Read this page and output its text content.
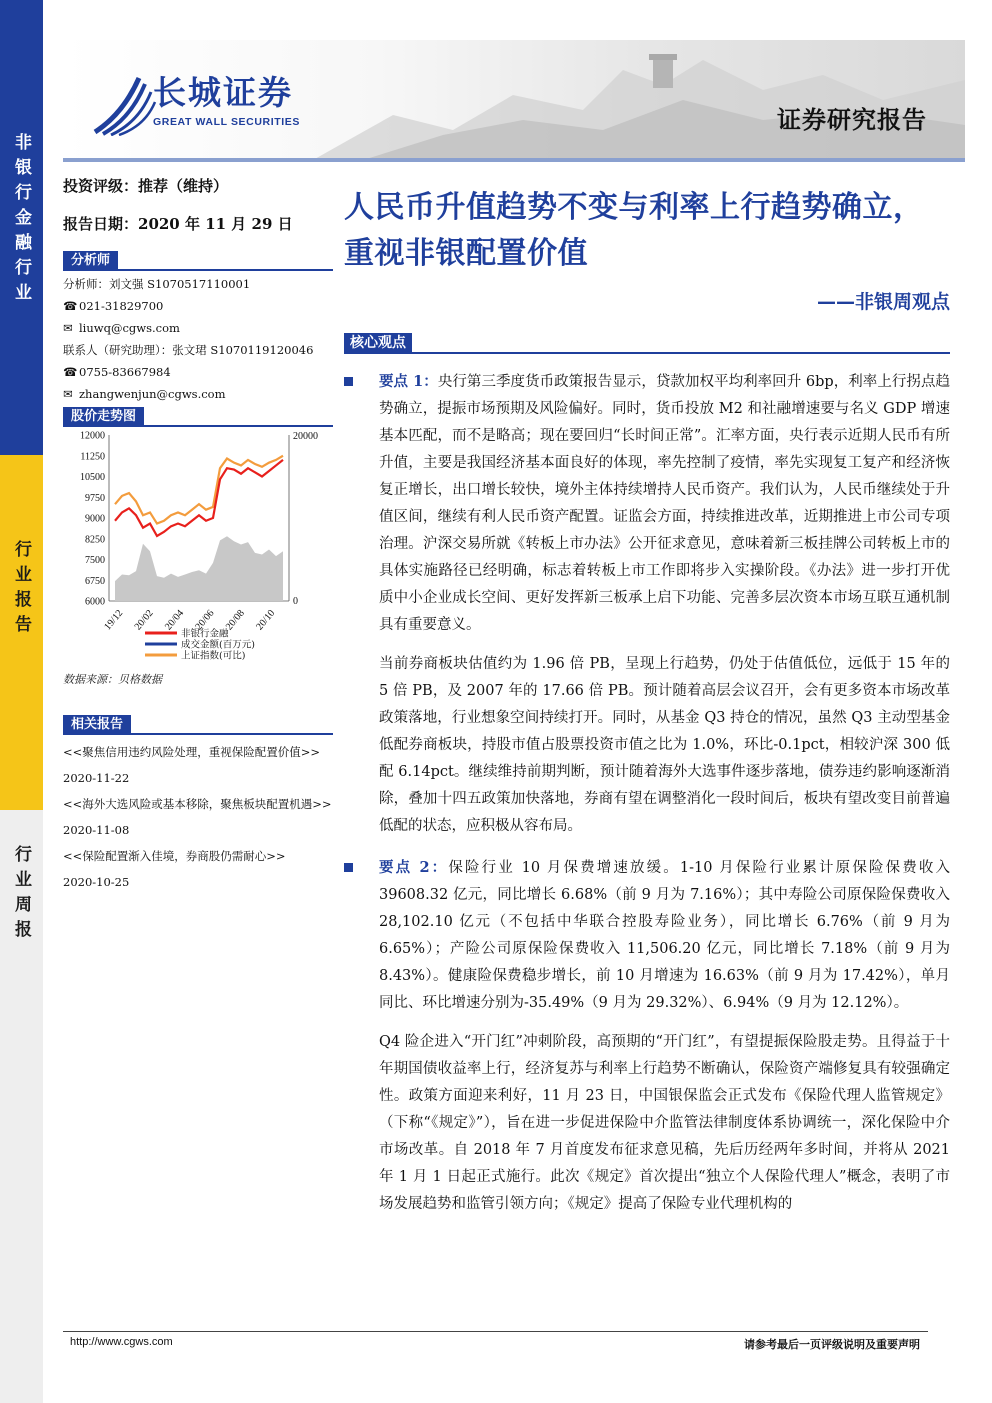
非银行金融行业
行业报告
行业周报
长城证券
GREAT WALL SECURITIES	证券研究报告
投资评级：推荐（维持）
报告日期：2020 年 11 月 29 日
分析师
分析师：刘文强 S1070517110001
☎ 021-31829700
✉ liuwq@cgws.com
联系人（研究助理）：张文珺 S1070119120046
☎ 0755-83667984
✉ zhangwenjun@cgws.com
股价走势图
12000
11250
10500
9750
9000
8250
7500
6750
6000
20000
0
19/12 20/02 20/04 20/06 20/08 20/10
非银行金融
成交金额(百万元)
上证指数(可比)
数据来源：贝格数据
相关报告
<<聚焦信用违约风险处理，重视保险配置价值>>
2020-11-22
<<海外大选风险或基本移除，聚焦板块配置机遇>>
2020-11-08
<<保险配置渐入佳境，券商股仍需耐心>>
2020-10-25
人民币升值趋势不变与利率上行趋势确立，重视非银配置价值
——非银周观点
核心观点
要点 1：央行第三季度货币政策报告显示，贷款加权平均利率回升 6bp，利率上行拐点趋势确立，提振市场预期及风险偏好。同时，货币投放 M2 和社融增速要与名义 GDP 增速基本匹配，而不是略高；现在要回归“长时间正常”。汇率方面，央行表示近期人民币有所升值，主要是我国经济基本面良好的体现，率先控制了疫情，率先实现复工复产和经济恢复正增长，出口增长较快，境外主体持续增持人民币资产。我们认为，人民币继续处于升值区间，继续有利人民币资产配置。证监会方面，持续推进改革，近期推进上市公司专项治理。沪深交易所就《转板上市办法》公开征求意见，意味着新三板挂牌公司转板上市的具体实施路径已经明确，标志着转板上市工作即将步入实操阶段。《办法》进一步打开优质中小企业成长空间、更好发挥新三板承上启下功能、完善多层次资本市场互联互通机制具有重要意义。
当前券商板块估值约为 1.96 倍 PB，呈现上行趋势，仍处于估值低位，远低于 15 年的 5 倍 PB，及 2007 年的 17.66 倍 PB。预计随着高层会议召开，会有更多资本市场改革政策落地，行业想象空间持续打开。同时，从基金 Q3 持仓的情况，虽然 Q3 主动型基金低配券商板块，持股市值占股票投资市值之比为 1.0%，环比-0.1pct，相较沪深 300 低配 6.14pct。继续维持前期判断，预计随着海外大选事件逐步落地，债券违约影响逐渐消除，叠加十四五政策加快落地，券商有望在调整消化一段时间后，板块有望改变目前普遍低配的状态，应积极从容布局。
要点 2：保险行业 10 月保费增速放缓。1-10 月保险行业累计原保险保费收入 39608.32 亿元，同比增长 6.68%（前 9 月为 7.16%）；其中寿险公司原保险保费收入 28,102.10 亿元（不包括中华联合控股寿险业务），同比增长 6.76%（前 9 月为 6.65%）；产险公司原保险保费收入 11,506.20 亿元，同比增长 7.18%（前 9 月为 8.43%）。健康险保费稳步增长，前 10 月增速为 16.63%（前 9 月为 17.42%），单月同比、环比增速分别为-35.49%（9 月为 29.32%）、6.94%（9 月为 12.12%）。
Q4 险企进入“开门红”冲刺阶段，高预期的“开门红”，有望提振保险股走势。且得益于十年期国债收益率上行，经济复苏与利率上行趋势不断确认，保险资产端修复具有较强确定性。政策方面迎来利好，11 月 23 日，中国银保监会正式发布《保险代理人监管规定》（下称“《规定》”），旨在进一步促进保险中介监管法律制度体系协调统一，深化保险中介市场改革。自 2018 年 7 月首度发布征求意见稿，先后历经两年多时间，并将从 2021 年 1 月 1 日起正式施行。此次《规定》首次提出“独立个人保险代理人”概念，表明了市场发展趋势和监管引领方向；《规定》提高了保险专业代理机构的
http://www.cgws.com	请参考最后一页评级说明及重要声明
